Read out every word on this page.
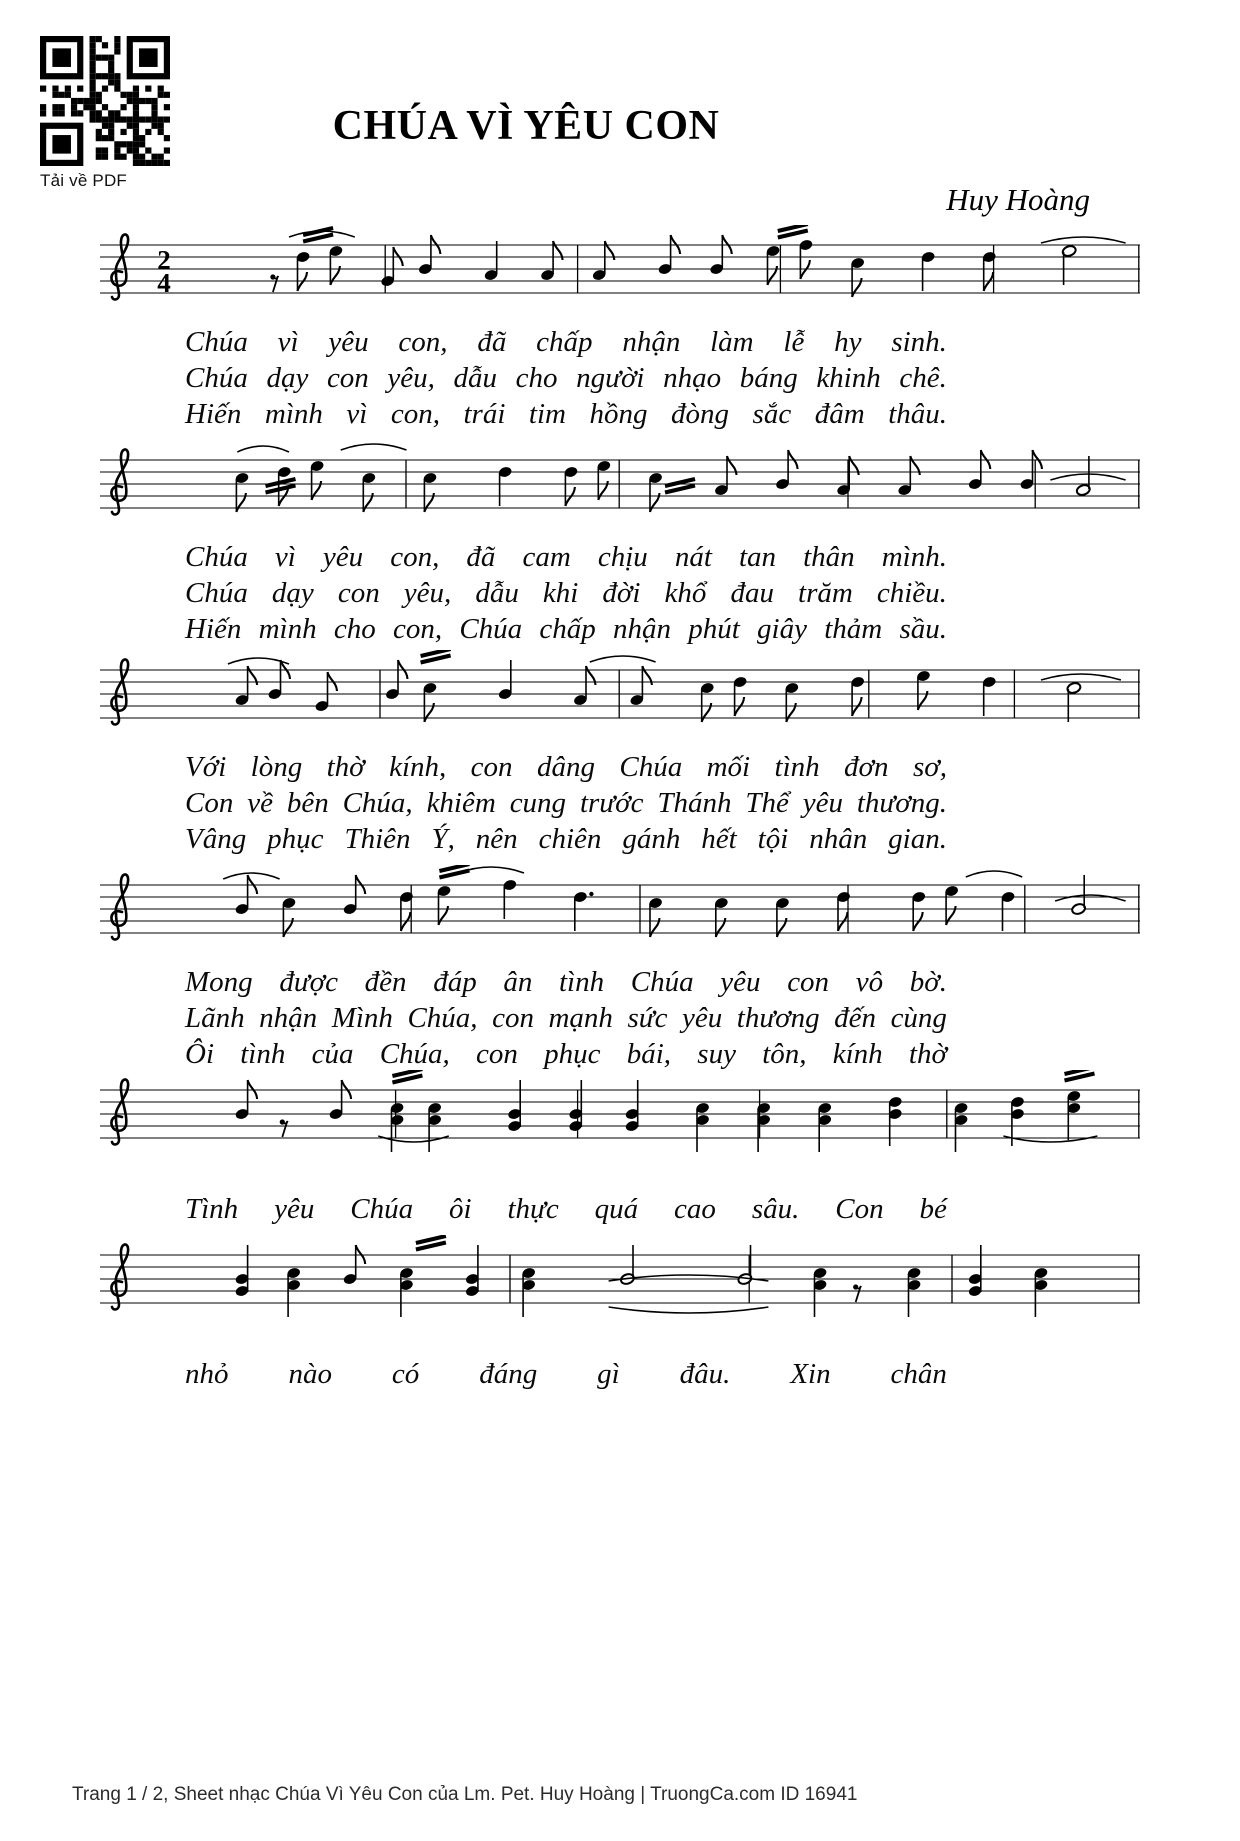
Tải về PDF
CHÚA VÌ YÊU CON
Huy Hoàng
2
4
Chúa vì yêu con, đã chấp nhận làm lễ hy sinh.
Chúa dạy con yêu, dẫu cho người nhạo báng khinh chê.
Hiến mình vì con, trái tim hồng đòng sắc đâm thâu.
Chúa vì yêu con, đã cam chịu nát tan thân mình.
Chúa dạy con yêu, dẫu khi đời khổ đau trăm chiều.
Hiến mình cho con, Chúa chấp nhận phút giây thảm sầu.
Với lòng thờ kính, con dâng Chúa mối tình đơn sơ,
Con về bên Chúa, khiêm cung trước Thánh Thể yêu thương.
Vâng phục Thiên Ý, nên chiên gánh hết tội nhân gian.
Mong được đền đáp ân tình Chúa yêu con vô bờ.
Lãnh nhận Mình Chúa, con mạnh sức yêu thương đến cùng
Ôi tình của Chúa, con phục bái, suy tôn, kính thờ
Tình yêu Chúa ôi thực quá cao sâu. Con bé
nhỏ nào có đáng gì đâu. Xin chân
Trang 1 / 2, Sheet nhạc Chúa Vì Yêu Con của Lm. Pet. Huy Hoàng | TruongCa.com ID 16941
